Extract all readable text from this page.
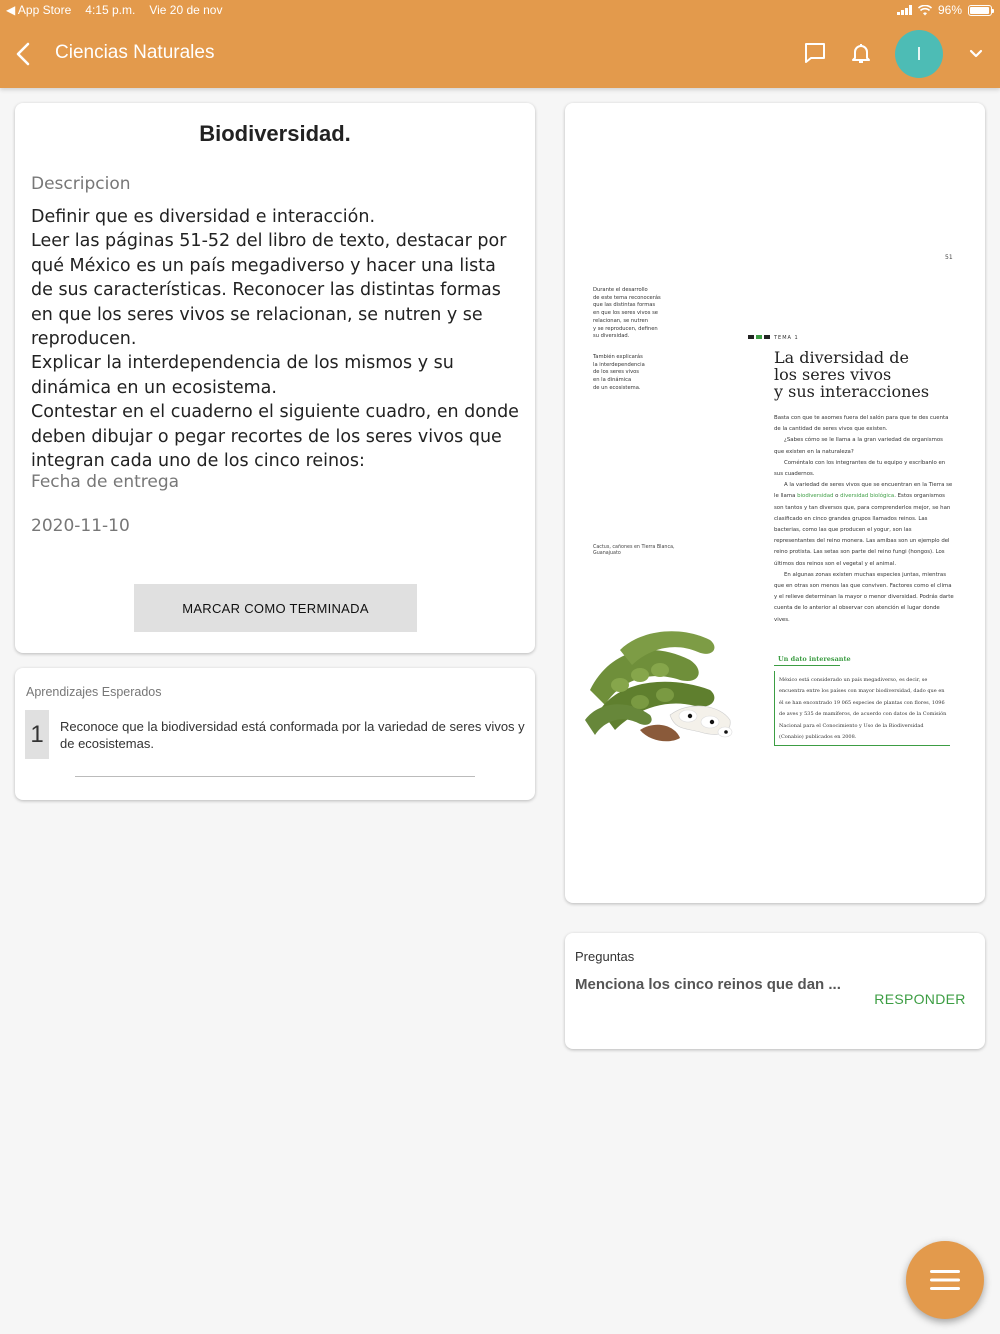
◀ App Store 4:15 p.m. Vie 20 de nov	96%
Ciencias Naturales	I
Biodiversidad.
Descripcion
Definir que es diversidad e interacción.
Leer las páginas 51-52 del libro de texto, destacar por qué México es un país megadiverso y hacer una lista de sus características. Reconocer las distintas formas en que los seres vivos se relacionan, se nutren y se reproducen.
Explicar la interdependencia de los mismos y su dinámica en un ecosistema.
Contestar en el cuaderno el siguiente cuadro, en donde deben dibujar o pegar recortes de los seres vivos que integran cada uno de los cinco reinos:
Fecha de entrega
2020-11-10
MARCAR COMO TERMINADA
Aprendizajes Esperados
1	Reconoce que la biodiversidad está conformada por la variedad de seres vivos y de ecosistemas.
51
Durante el desarrollo
de este tema reconocerás
que las distintas formas
en que los seres vivos se
relacionan, se nutren
y se reproducen, definen
su diversidad.
También explicarás
la interdependencia
de los seres vivos
en la dinámica
de un ecosistema.
TEMA 1
La diversidad de
los seres vivos
y sus interacciones
Basta con que te asomes fuera del salón para que te des cuenta de la cantidad de seres vivos que existen.
¿Sabes cómo se le llama a la gran variedad de organismos que existen en la naturaleza?
Coméntalo con los integrantes de tu equipo y escríbanlo en sus cuadernos.
A la variedad de seres vivos que se encuentran en la Tierra se le llama biodiversidad o diversidad biológica. Estos organismos son tantos y tan diversos que, para comprenderlos mejor, se han clasificado en cinco grandes grupos llamados reinos. Las bacterias, como las que producen el yogur, son las representantes del reino monera. Las amibas son un ejemplo del reino protista. Las setas son parte del reino fungi (hongos). Los últimos dos reinos son el vegetal y el animal.
En algunas zonas existen muchas especies juntas, mientras que en otras son menos las que conviven. Factores como el clima y el relieve determinan la mayor o menor diversidad. Podrás darte cuenta de lo anterior al observar con atención el lugar donde vives.
Cactus, cañones en Tierra Blanca, Guanajuato
Un dato interesante
México está considerado un país megadiverso, es decir, se encuentra entre los países con mayor biodiversidad, dado que en él se han encontrado 19 065 especies de plantas con flores, 1096 de aves y 535 de mamíferos, de acuerdo con datos de la Comisión Nacional para el Conocimiento y Uso de la Biodiversidad (Conabio) publicados en 2008.
Preguntas
Menciona los cinco reinos que dan ...
RESPONDER
